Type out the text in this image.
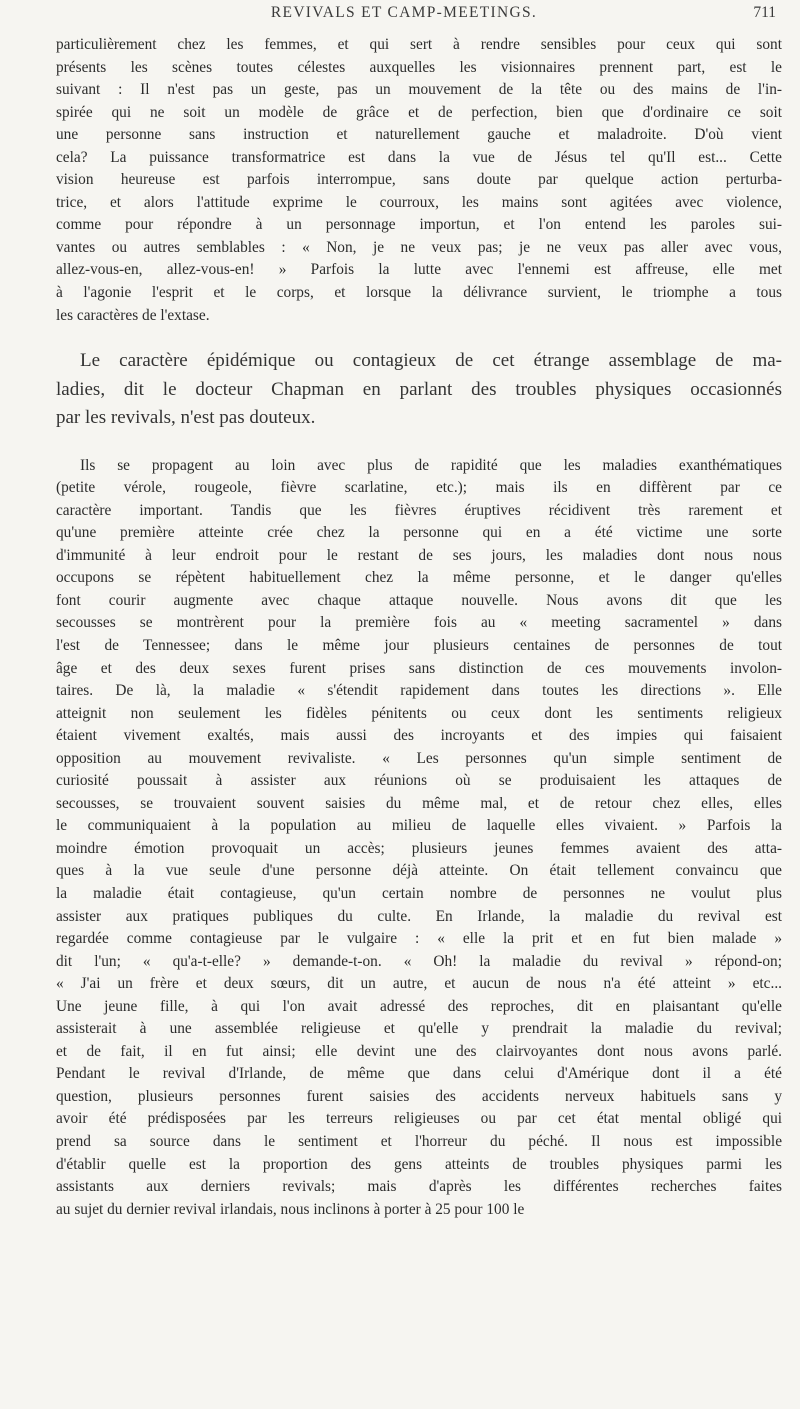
REVIVALS ET CAMP-MEETINGS.	711
particulièrement chez les femmes, et qui sert à rendre sensibles pour ceux qui sont
présents les scènes toutes célestes auxquelles les visionnaires prennent part, est le
suivant : Il n'est pas un geste, pas un mouvement de la tête ou des mains de l'in-
spirée qui ne soit un modèle de grâce et de perfection, bien que d'ordinaire ce soit
une personne sans instruction et naturellement gauche et maladroite. D'où vient
cela? La puissance transformatrice est dans la vue de Jésus tel qu'Il est... Cette
vision heureuse est parfois interrompue, sans doute par quelque action perturba-
trice, et alors l'attitude exprime le courroux, les mains sont agitées avec violence,
comme pour répondre à un personnage importun, et l'on entend les paroles sui-
vantes ou autres semblables : « Non, je ne veux pas; je ne veux pas aller avec vous,
allez-vous-en, allez-vous-en! » Parfois la lutte avec l'ennemi est affreuse, elle met
à l'agonie l'esprit et le corps, et lorsque la délivrance survient, le triomphe a tous
les caractères de l'extase.
Le caractère épidémique ou contagieux de cet étrange assemblage de ma-
ladies, dit le docteur Chapman en parlant des troubles physiques occasionnés
par les revivals, n'est pas douteux.
Ils se propagent au loin avec plus de rapidité que les maladies exanthématiques
(petite vérole, rougeole, fièvre scarlatine, etc.); mais ils en diffèrent par ce
caractère important. Tandis que les fièvres éruptives récidivent très rarement et
qu'une première atteinte crée chez la personne qui en a été victime une sorte
d'immunité à leur endroit pour le restant de ses jours, les maladies dont nous nous
occupons se répètent habituellement chez la même personne, et le danger qu'elles
font courir augmente avec chaque attaque nouvelle. Nous avons dit que les
secousses se montrèrent pour la première fois au « meeting sacramentel » dans
l'est de Tennessee; dans le même jour plusieurs centaines de personnes de tout
âge et des deux sexes furent prises sans distinction de ces mouvements involon-
taires. De là, la maladie « s'étendit rapidement dans toutes les directions ». Elle
atteignit non seulement les fidèles pénitents ou ceux dont les sentiments religieux
étaient vivement exaltés, mais aussi des incroyants et des impies qui faisaient
opposition au mouvement revivaliste. « Les personnes qu'un simple sentiment de
curiosité poussait à assister aux réunions où se produisaient les attaques de
secousses, se trouvaient souvent saisies du même mal, et de retour chez elles, elles
le communiquaient à la population au milieu de laquelle elles vivaient. » Parfois la
moindre émotion provoquait un accès; plusieurs jeunes femmes avaient des atta-
ques à la vue seule d'une personne déjà atteinte. On était tellement convaincu que
la maladie était contagieuse, qu'un certain nombre de personnes ne voulut plus
assister aux pratiques publiques du culte. En Irlande, la maladie du revival est
regardée comme contagieuse par le vulgaire : « elle la prit et en fut bien malade »
dit l'un; « qu'a-t-elle? » demande-t-on. « Oh! la maladie du revival » répond-on;
« J'ai un frère et deux sœurs, dit un autre, et aucun de nous n'a été atteint » etc...
Une jeune fille, à qui l'on avait adressé des reproches, dit en plaisantant qu'elle
assisterait à une assemblée religieuse et qu'elle y prendrait la maladie du revival;
et de fait, il en fut ainsi; elle devint une des clairvoyantes dont nous avons parlé.
Pendant le revival d'Irlande, de même que dans celui d'Amérique dont il a été
question, plusieurs personnes furent saisies des accidents nerveux habituels sans y
avoir été prédisposées par les terreurs religieuses ou par cet état mental obligé qui
prend sa source dans le sentiment et l'horreur du péché. Il nous est impossible
d'établir quelle est la proportion des gens atteints de troubles physiques parmi les
assistants aux derniers revivals; mais d'après les différentes recherches faites
au sujet du dernier revival irlandais, nous inclinons à porter à 25 pour 100 le
